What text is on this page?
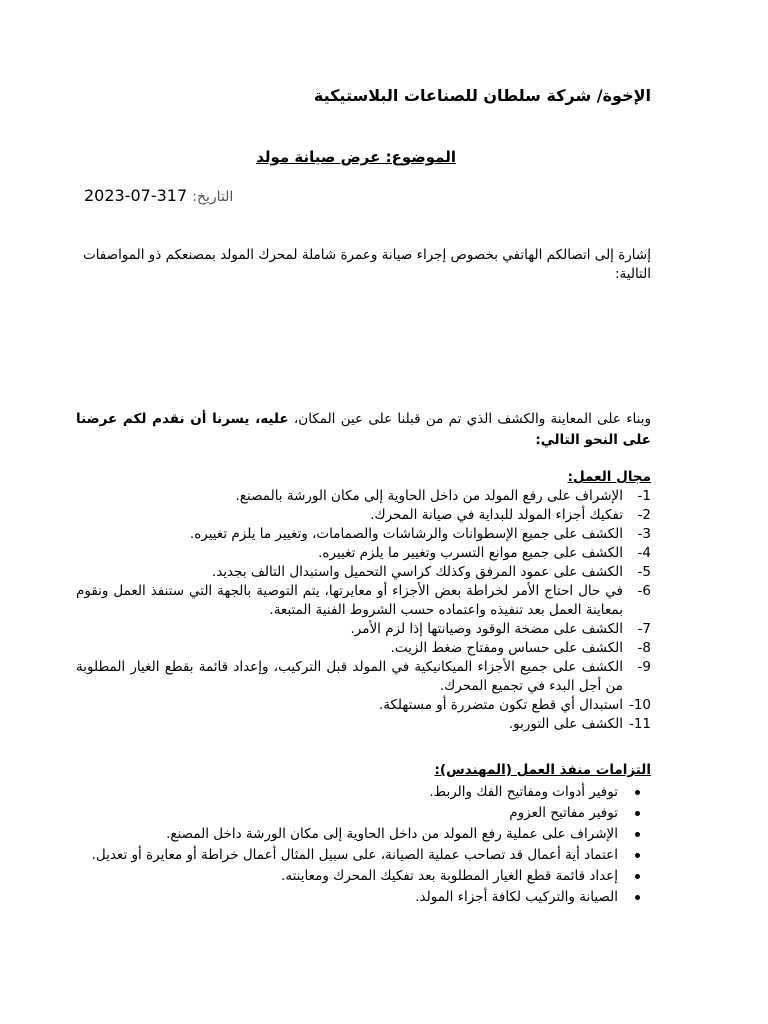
الإخوة/ شركة سلطان للصناعات البلاستيكية
الموضوع: عرض صيانة مولد
2023-07-317 التاريخ:
إشارة إلى اتصالكم الهاتفي بخصوص إجراء صيانة وعمرة شاملة لمحرك المولد بمصنعكم ذو المواصفات التالية:
وبناء على المعاينة والكشف الذي تم من قبلنا على عين المكان، عليه، يسرنا أن نقدم لكم عرضنا على النحو التالي:
مجال العمل:
1 -
الإشراف على رفع المولد من داخل الحاوية إلى مكان الورشة بالمصنع.
2 -
تفكيك أجزاء المولد للبداية في صيانة المحرك.
3 -
الكشف على جميع الإسطوانات والرشاشات والصمامات، وتغيير ما يلزم تغييره.
4 -
الكشف على جميع موانع التسرب وتغيير ما يلزم تغييره.
5 -
الكشف على عمود المرفق وكذلك كراسي التحميل واستبدال التالف بجديد.
6 -
في حال احتاج الأمر لخراطة بعض الأجزاء أو معايرتها، يتم التوصية بالجهة التي ستنفذ العمل ونقوم بمعاينة العمل بعد تنفيذه واعتماده حسب الشروط الفنية المتبعة.
7 -
الكشف على مضخة الوقود وصيانتها إذا لزم الأمر.
8 -
الكشف على حساس ومفتاح ضغط الزيت.
9 -
الكشف على جميع الأجزاء الميكانيكية في المولد قبل التركيب، وإعداد قائمة بقطع الغيار المطلوبة من أجل البدء في تجميع المحرك.
10 -
استبدال أي قطع تكون متضررة أو مستهلكة.
11 -
الكشف على التوربو.
التزامات منفذ العمل (المهندس):
توفير أدوات ومفاتيح الفك والربط.
توفير مفاتيح العزوم
الإشراف على عملية رفع المولد من داخل الحاوية إلى مكان الورشة داخل المصنع.
اعتماد أية أعمال قد تصاحب عملية الصيانة، على سبيل المثال أعمال خراطة أو معايرة أو تعديل.
إعداد قائمة قطع الغيار المطلوبة بعد تفكيك المحرك ومعاينته.
الصيانة والتركيب لكافة أجزاء المولد.
